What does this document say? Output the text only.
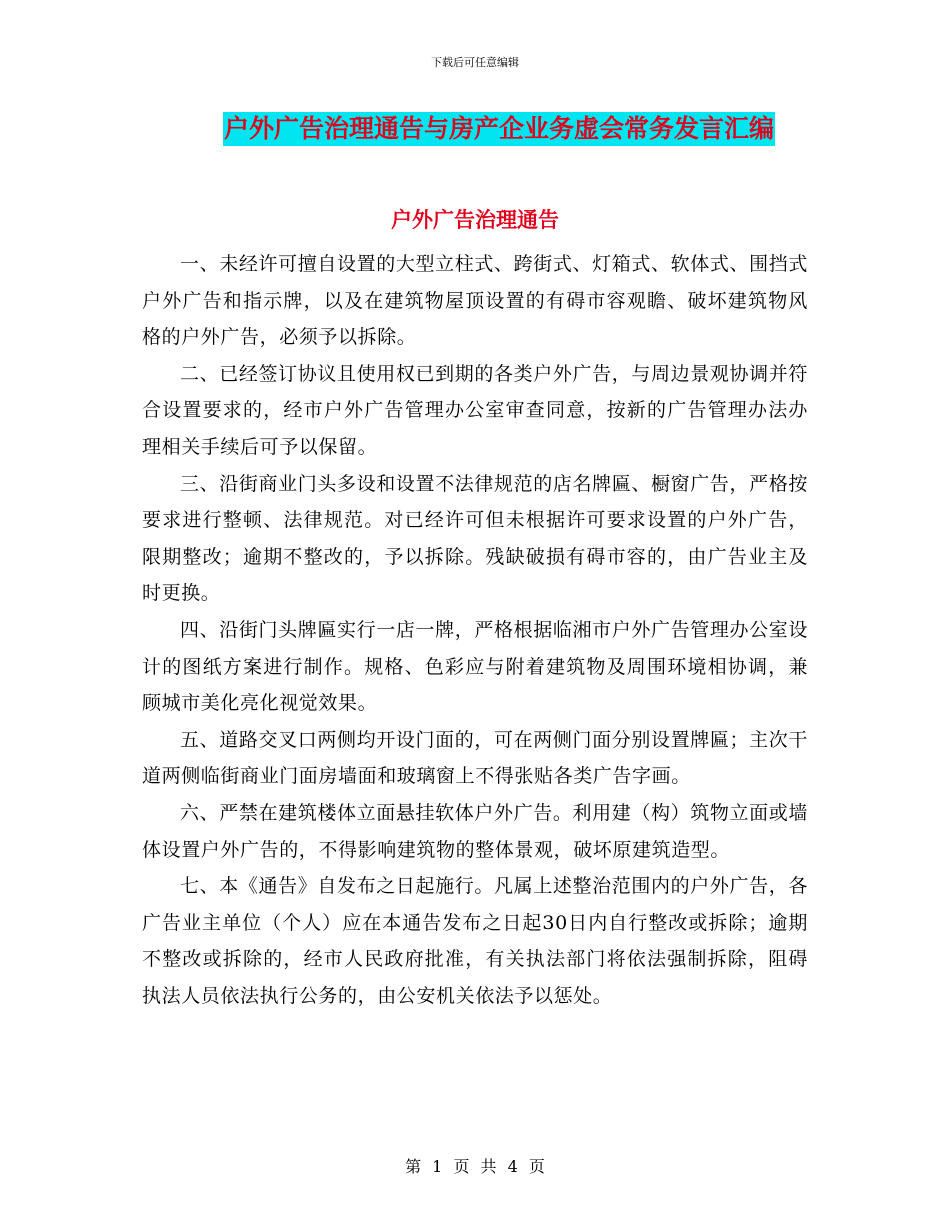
下载后可任意编辑
户外广告治理通告与房产企业务虚会常务发言汇编
户外广告治理通告

一、未经许可擅自设置的大型立柱式、跨街式、灯箱式、软体式、围挡式户外广告和指示牌，以及在建筑物屋顶设置的有碍市容观瞻、破坏建筑物风格的户外广告，必须予以拆除。

二、已经签订协议且使用权已到期的各类户外广告，与周边景观协调并符合设置要求的，经市户外广告管理办公室审查同意，按新的广告管理办法办理相关手续后可予以保留。

三、沿街商业门头多设和设置不法律规范的店名牌匾、橱窗广告，严格按要求进行整顿、法律规范。对已经许可但未根据许可要求设置的户外广告，限期整改；逾期不整改的，予以拆除。残缺破损有碍市容的，由广告业主及时更换。

四、沿街门头牌匾实行一店一牌，严格根据临湘市户外广告管理办公室设计的图纸方案进行制作。规格、色彩应与附着建筑物及周围环境相协调，兼顾城市美化亮化视觉效果。

五、道路交叉口两侧均开设门面的，可在两侧门面分别设置牌匾；主次干道两侧临街商业门面房墙面和玻璃窗上不得张贴各类广告字画。

六、严禁在建筑楼体立面悬挂软体户外广告。利用建（构）筑物立面或墙体设置户外广告的，不得影响建筑物的整体景观，破坏原建筑造型。

七、本《通告》自发布之日起施行。凡属上述整治范围内的户外广告，各广告业主单位（个人）应在本通告发布之日起30日内自行整改或拆除；逾期不整改或拆除的，经市人民政府批准，有关执法部门将依法强制拆除，阻碍执法人员依法执行公务的，由公安机关依法予以惩处。

第 1 页 共 4 页
